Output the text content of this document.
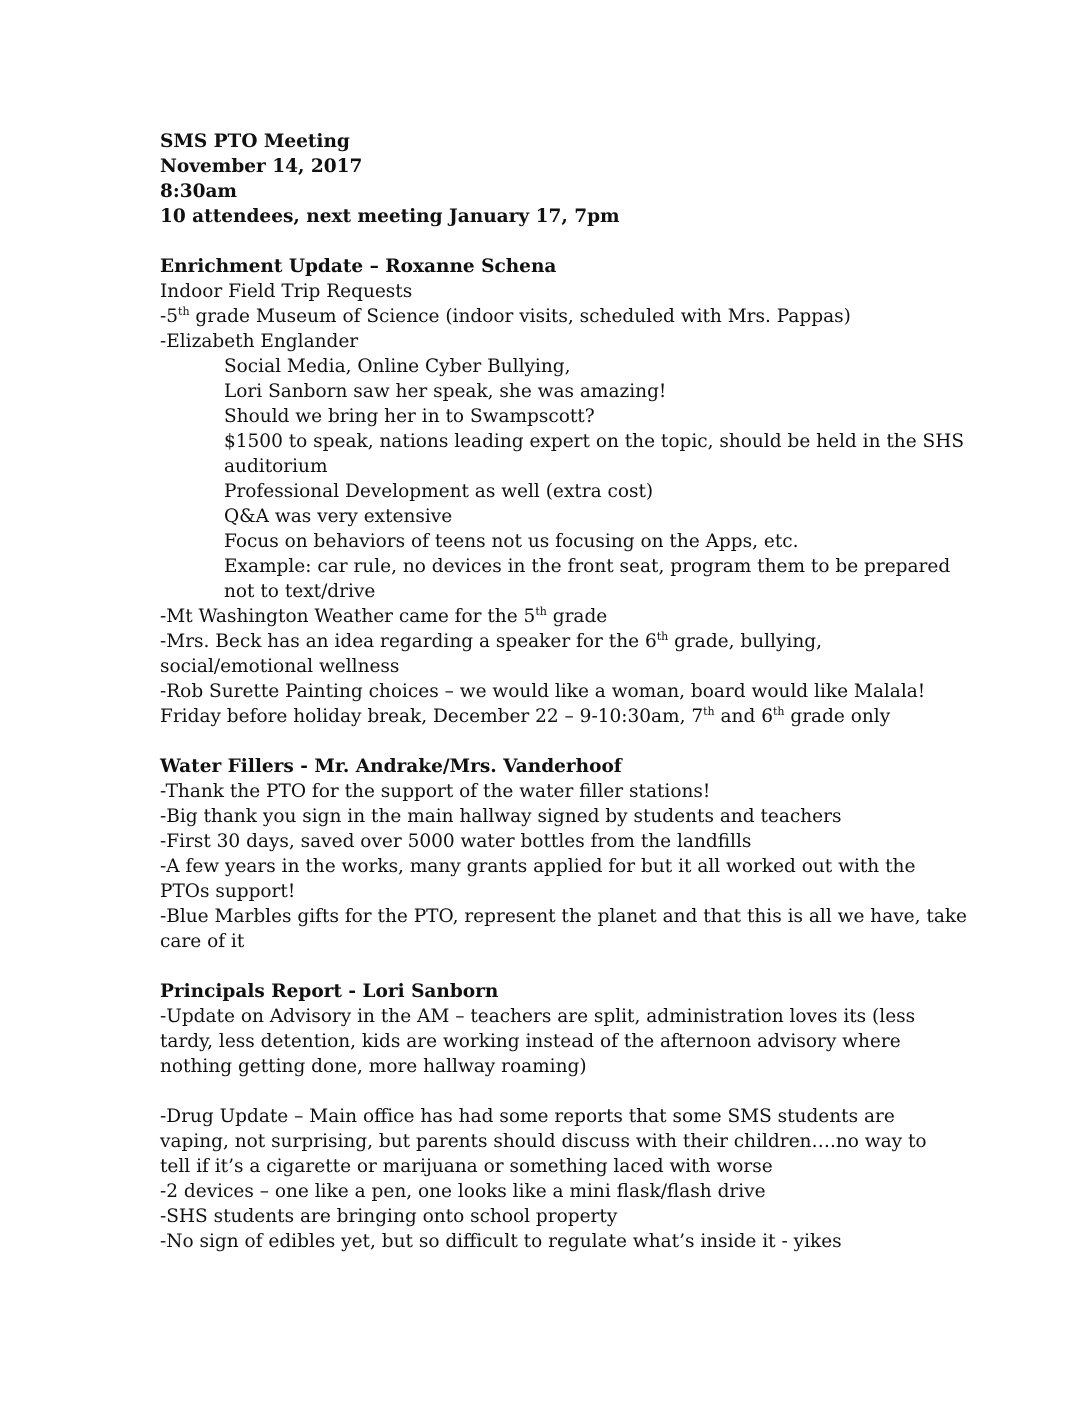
SMS PTO Meeting
November 14, 2017
8:30am
10 attendees, next meeting January 17, 7pm
Enrichment Update – Roxanne Schena
Indoor Field Trip Requests
-5th grade Museum of Science (indoor visits, scheduled with Mrs. Pappas)
-Elizabeth Englander
Social Media, Online Cyber Bullying,
Lori Sanborn saw her speak, she was amazing!
Should we bring her in to Swampscott?
$1500 to speak, nations leading expert on the topic, should be held in the SHS
auditorium
Professional Development as well (extra cost)
Q&A was very extensive
Focus on behaviors of teens not us focusing on the Apps, etc.
Example: car rule, no devices in the front seat, program them to be prepared
not to text/drive
-Mt Washington Weather came for the 5th grade
-Mrs. Beck has an idea regarding a speaker for the 6th grade, bullying,
social/emotional wellness
-Rob Surette Painting choices – we would like a woman, board would like Malala!
Friday before holiday break, December 22 – 9-10:30am, 7th and 6th grade only
Water Fillers - Mr. Andrake/Mrs. Vanderhoof
-Thank the PTO for the support of the water filler stations!
-Big thank you sign in the main hallway signed by students and teachers
-First 30 days, saved over 5000 water bottles from the landfills
-A few years in the works, many grants applied for but it all worked out with the
PTOs support!
-Blue Marbles gifts for the PTO, represent the planet and that this is all we have, take
care of it
Principals Report - Lori Sanborn
-Update on Advisory in the AM – teachers are split, administration loves its (less
tardy, less detention, kids are working instead of the afternoon advisory where
nothing getting done, more hallway roaming)
-Drug Update – Main office has had some reports that some SMS students are
vaping, not surprising, but parents should discuss with their children….no way to
tell if it’s a cigarette or marijuana or something laced with worse
-2 devices – one like a pen, one looks like a mini flask/flash drive
-SHS students are bringing onto school property
-No sign of edibles yet, but so difficult to regulate what’s inside it - yikes
